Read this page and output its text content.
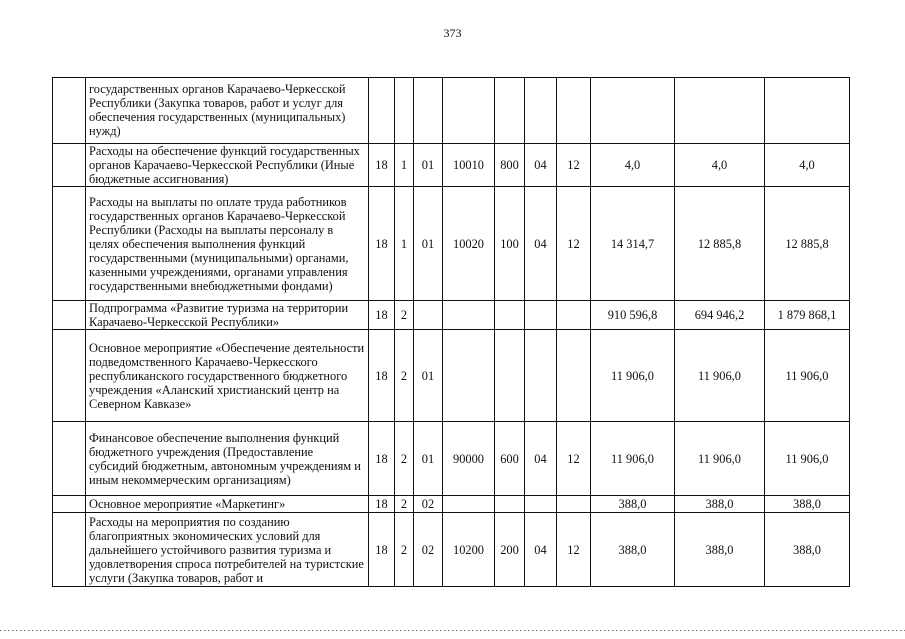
373

	государственных органов Карачаево-Черкесской Республики (Закупка товаров, работ и услуг для обеспечения государственных (муниципальных) нужд)										

	Расходы на обеспечение функций государственных органов Карачаево-Черкесской Республики (Иные бюджетные ассигнования)	18	1	01	10010	800	04	12	4,0	4,0	4,0
	Расходы на выплаты по оплате труда работников государственных органов Карачаево-Черкесской Республики (Расходы на выплаты персоналу в целях обеспечения выполнения функций государственными (муниципальными) органами, казенными учреждениями, органами управления государственными внебюджетными фондами)	18	1	01	10020	100	04	12	14 314,7	12 885,8	12 885,8
	Подпрограмма «Развитие туризма на территории Карачаево-Черкесской Республики»	18	2						910 596,8	694 946,2	1 879 868,1
	Основное мероприятие «Обеспечение деятельности подведомственного Карачаево-Черкесского республиканского государственного бюджетного учреждения «Аланский христианский центр на Северном Кавказе»	18	2	01					11 906,0	11 906,0	11 906,0
	Финансовое обеспечение выполнения функций бюджетного учреждения (Предоставление субсидий бюджетным, автономным учреждениям и иным некоммерческим организациям)	18	2	01	90000	600	04	12	11 906,0	11 906,0	11 906,0
	Основное мероприятие «Маркетинг»	18	2	02					388,0	388,0	388,0
	Расходы на мероприятия по созданию благоприятных экономических условий для дальнейшего устойчивого развития туризма и удовлетворения спроса потребителей на туристские услуги (Закупка товаров, работ и	18	2	02	10200	200	04	12	388,0	388,0	388,0
